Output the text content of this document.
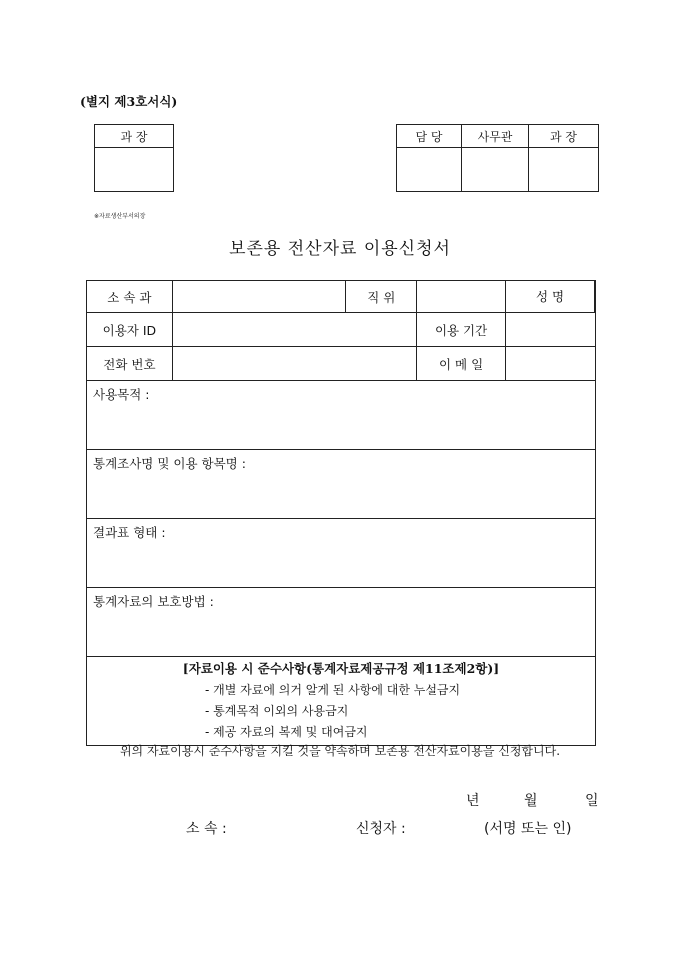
(별지 제3호서식)
과 장	담 당	사무관	과 장

※자료생산부서의장
보존용 전산자료 이용신청서
소 속 과		직 위		성 명

이용자 ID			이용 기간	
전화 번호			이 메 일	
사용목적 :				
통계조사명 및 이용 항목명 :				
결과표 형태 :				
통계자료의 보호방법 :				

[자료이용 시 준수사항(통계자료제공규정 제11조제2항)]
- 개별 자료에 의거 알게 된 사항에 대한 누설금지
- 통계목적 이외의 사용금지
- 제공 자료의 복제 및 대여금지				
위의 자료이용시 준수사항을 지킬 것을 약속하며 보존용 전산자료이용을 신청합니다.
년	월	일
소 속 :	신청자 :	(서명 또는 인)
